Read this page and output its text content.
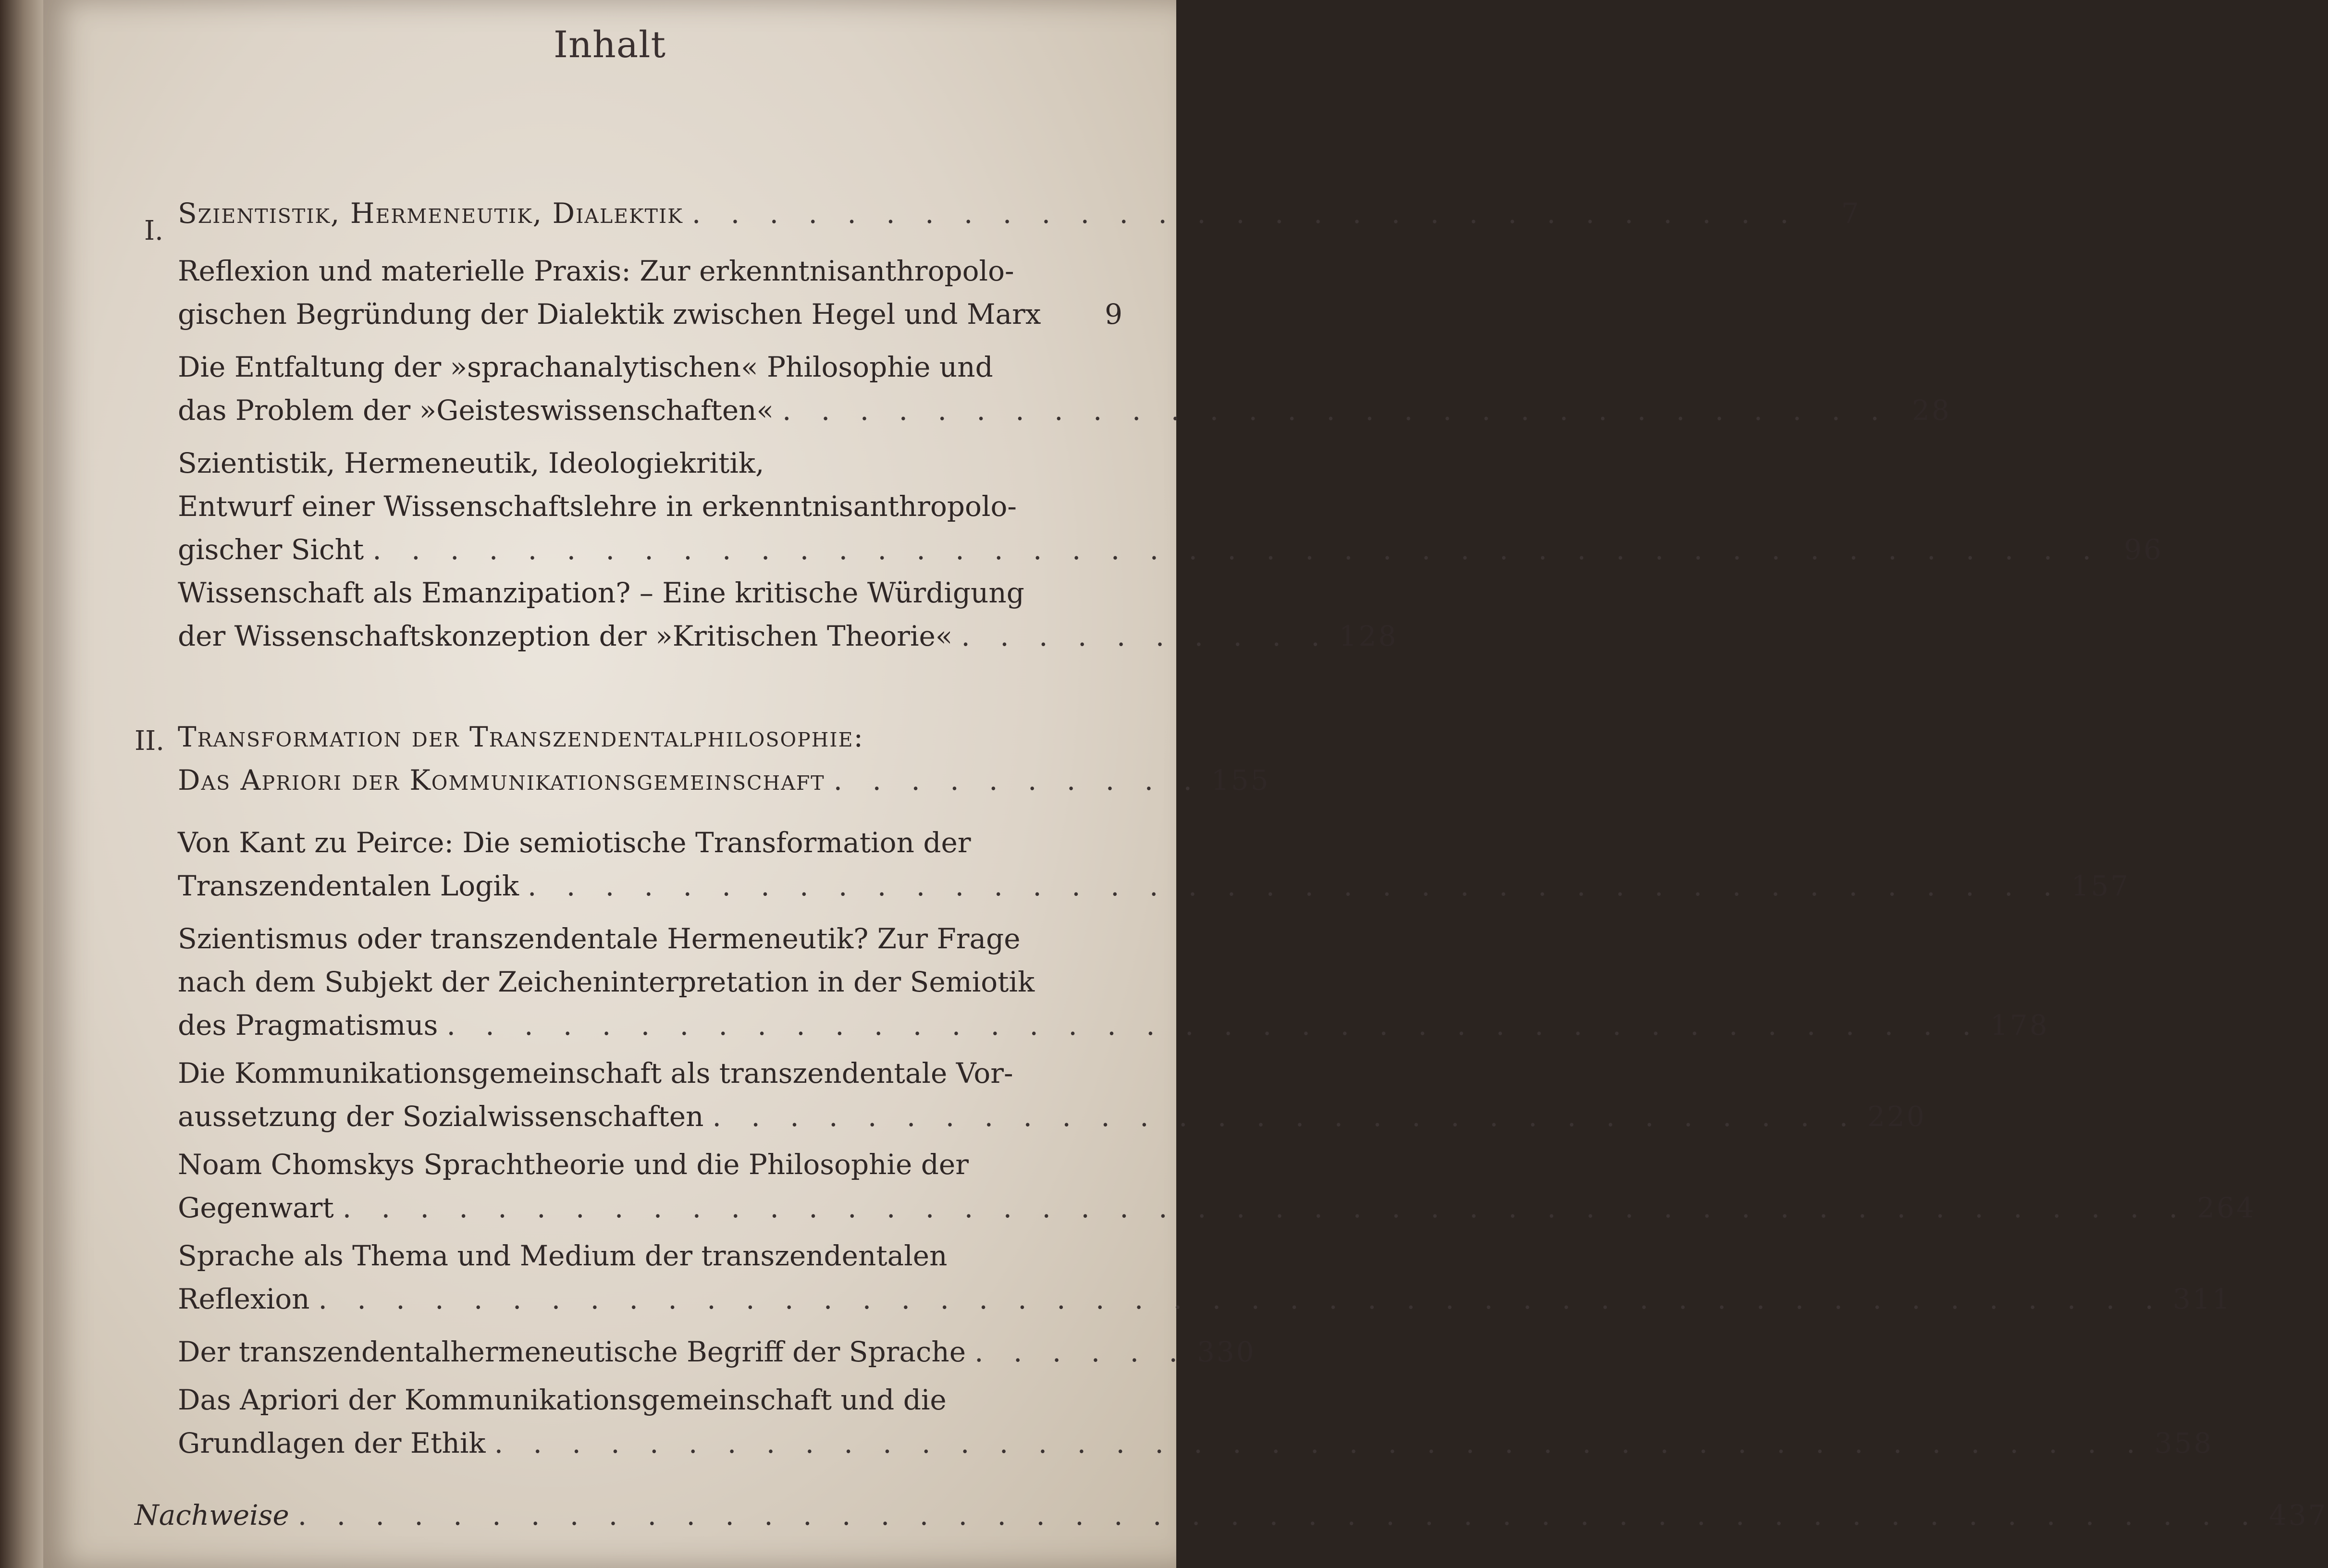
Inhalt
I.
Szientistik, Hermeneutik, Dialektik . . . . . . . . . . . . . . . . . . . . . . . . . . . . .	7
Reflexion und materielle Praxis: Zur erkenntnisanthropolo-
gischen Begründung der Dialektik zwischen Hegel und Marx	9
Die Entfaltung der »sprachanalytischen« Philosophie und
das Problem der »Geisteswissenschaften« . . . . . . . . . . . . . . . . . . . . . . . . . . . . . 28
Szientistik, Hermeneutik, Ideologiekritik,
Entwurf einer Wissenschaftslehre in erkenntnisanthropolo-
gischer Sicht . . . . . . . . . . . . . . . . . . . . . . . . . . . . . . . . . . . . . . . . . . . . . 96
Wissenschaft als Emanzipation? – Eine kritische Würdigung
der Wissenschaftskonzeption der »Kritischen Theorie« . . . . . . . . . . 128
II. Transformation der Transzendentalphilosophie:
Das Apriori der Kommunikationsgemeinschaft . . . . . . . . . . 155
Von Kant zu Peirce: Die semiotische Transformation der
Transzendentalen Logik . . . . . . . . . . . . . . . . . . . . . . . . . . . . . . . . . . . . . . . . 157
Szientismus oder transzendentale Hermeneutik? Zur Frage
nach dem Subjekt der Zeicheninterpretation in der Semiotik
des Pragmatismus . . . . . . . . . . . . . . . . . . . . . . . . . . . . . . . . . . . . . . . . 178
Die Kommunikationsgemeinschaft als transzendentale Vor-
aussetzung der Sozialwissenschaften . . . . . . . . . . . . . . . . . . . . . . . . . . . . . . 220
Noam Chomskys Sprachtheorie und die Philosophie der
Gegenwart . . . . . . . . . . . . . . . . . . . . . . . . . . . . . . . . . . . . . . . . . . . . . . . . 264
Sprache als Thema und Medium der transzendentalen
Reflexion . . . . . . . . . . . . . . . . . . . . . . . . . . . . . . . . . . . . . . . . . . . . . . . . 311
Der transzendentalhermeneutische Begriff der Sprache . . . . . . 330
Das Apriori der Kommunikationsgemeinschaft und die
Grundlagen der Ethik . . . . . . . . . . . . . . . . . . . . . . . . . . . . . . . . . . . . . . . . . . . 358
Nachweise . . . . . . . . . . . . . . . . . . . . . . . . . . . . . . . . . . . . . . . . . . . . . . . . . . . 437
